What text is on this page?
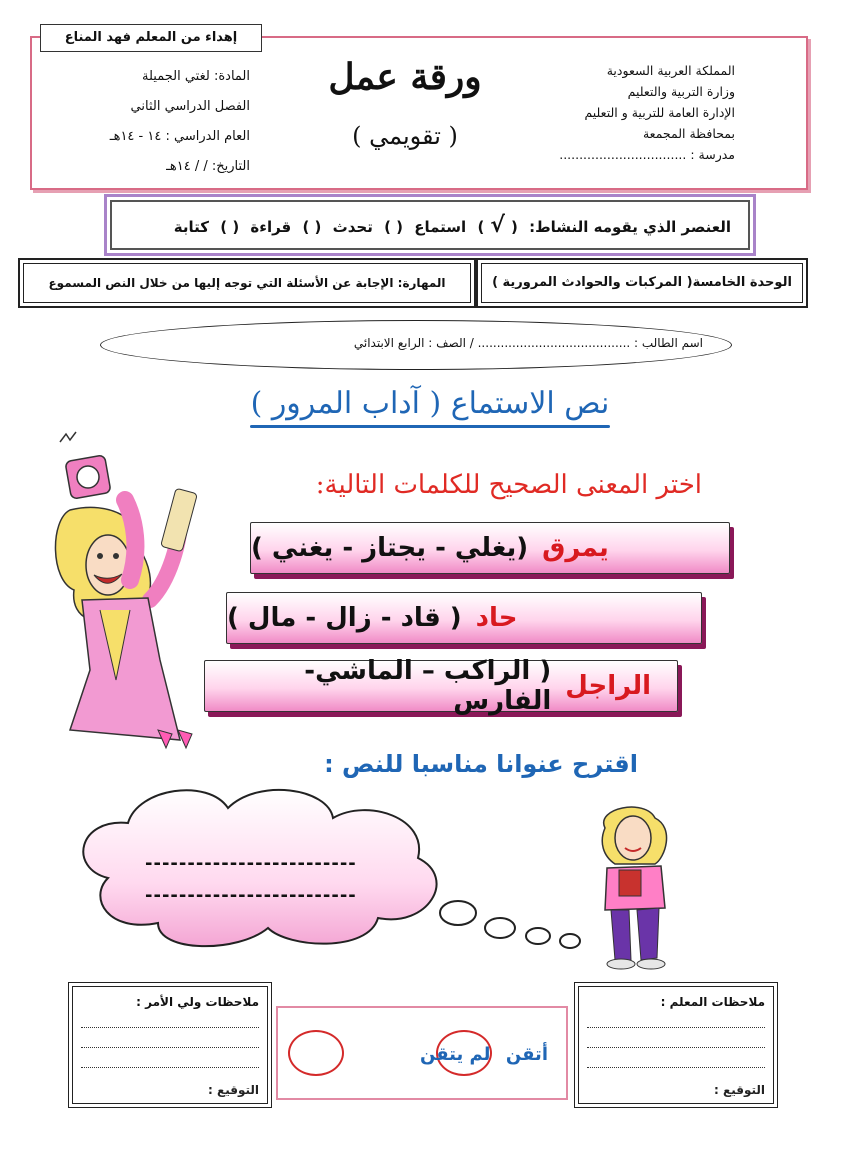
إهداء من المعلم فهد المناع
المادة: لغتي الجميلة
الفصل الدراسي الثاني
العام الدراسي : ١٤ - ١٤هـ
التاريخ: / / ١٤هـ
ورقة عمل
( تقويمي )
المملكة العربية السعودية
وزارة التربية والتعليم
الإدارة العامة للتربية و التعليم بمحافظة المجمعة
مدرسة : ................................
العنصر الذي يقومه النشاط: (√) استماع ( ) تحدث ( ) قراءة ( ) كتابة
الوحدة الخامسة( المركبات والحوادث المرورية )
المهارة: الإجابة عن الأسئلة التي توجه إليها من خلال النص المسموع
اسم الطالب : ........................................ / الصف : الرابع الابتدائي
نص الاستماع ( آداب المرور )
اختر المعنى الصحيح للكلمات التالية:
يمرق
(يغلي - يجتاز - يغني )
حاد
( قاد - زال - مال )
الراجل
( الراكب – الماشي- الفارس
اقترح عنوانا مناسبا للنص :
-------------------------
-------------------------
ملاحظات ولي الأمر :
التوقيع :
أتقن
لم يتقن
ملاحظات المعلم :
التوقيع :
